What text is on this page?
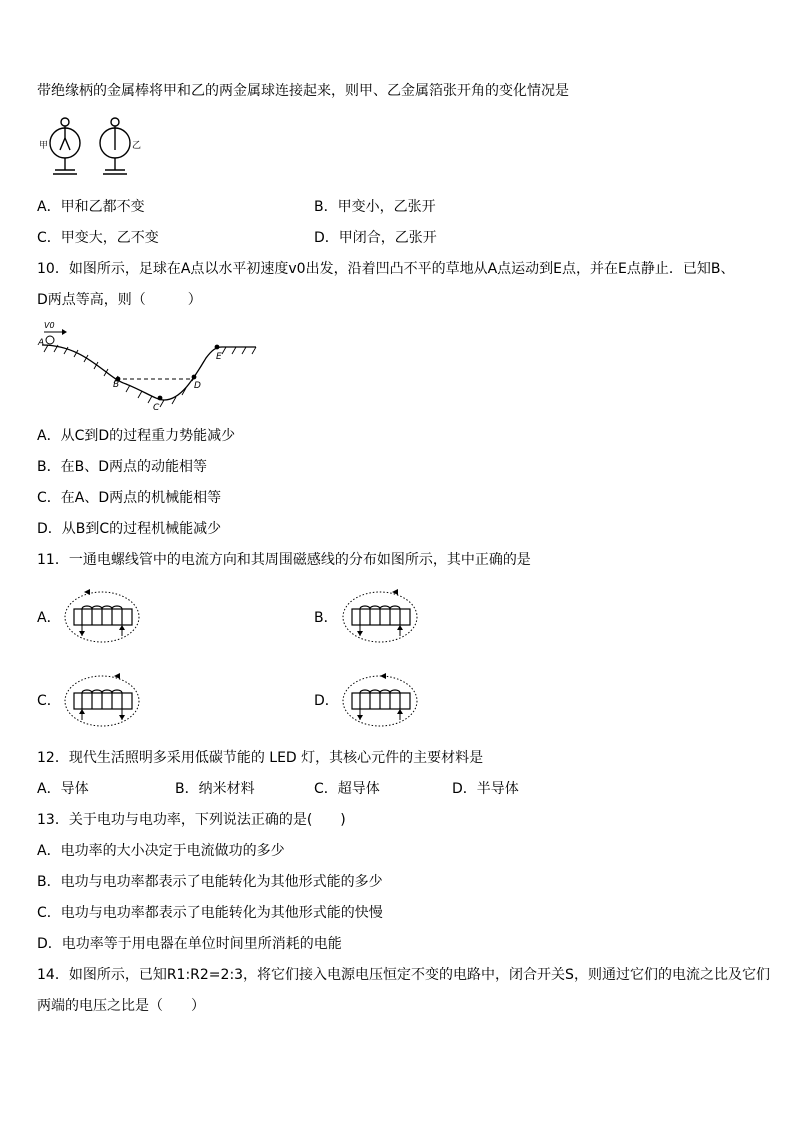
带绝缘柄的金属棒将甲和乙的两金属球连接起来，则甲、乙金属箔张开角的变化情况是
甲	乙
A．甲和乙都不变	B．甲变小，乙张开
C．甲变大，乙不变	D．甲闭合，乙张开
10．如图所示，足球在A点以水平初速度v0出发，沿着凹凸不平的草地从A点运动到E点，并在E点静止．已知B、
D两点等高，则（　　　）
V0
A
B
C
D
E
A．从C到D的过程重力势能减少
B．在B、D两点的动能相等
C．在A、D两点的机械能相等
D．从B到C的过程机械能减少
11．一通电螺线管中的电流方向和其周围磁感线的分布如图所示，其中正确的是
A．	B．
C．	D．
12．现代生活照明多采用低碳节能的 LED 灯，其核心元件的主要材料是
A．导体	B．纳米材料	C．超导体	D．半导体
13．关于电功与电功率，下列说法正确的是(　　)
A．电功率的大小决定于电流做功的多少
B．电功与电功率都表示了电能转化为其他形式能的多少
C．电功与电功率都表示了电能转化为其他形式能的快慢
D．电功率等于用电器在单位时间里所消耗的电能
14．如图所示，已知R1:R2=2:3，将它们接入电源电压恒定不变的电路中，闭合开关S，则通过它们的电流之比及它们
两端的电压之比是（　　）
